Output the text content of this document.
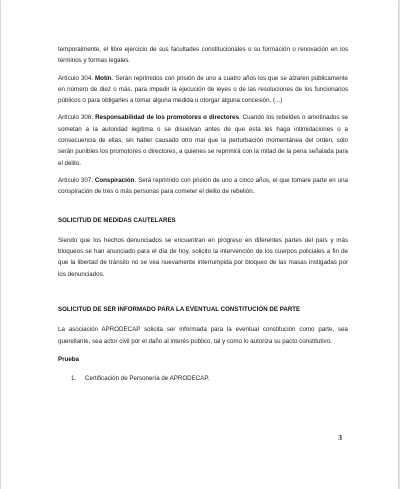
temporalmente, el libre ejercicio de sus facultades constitucionales o su formación o renovación en los términos y formas legales.

Artículo 304. Motín. Serán reprimidos con prisión de uno a cuatro años los que se alzaren públicamente en número de diez o más, para impedir la ejecución de leyes o de las resoluciones de los funcionarios públicos o para obligarles a tomar alguna medida u otorgar alguna concesión. (...)

Artículo 306. Responsabilidad de los promotores o directores. Cuando los rebeldes o amotinados se sometan a la autoridad legítima o se disuelvan antes de que ésta les haga intimidaciones o a consecuencia de ellas, sin haber causado otro mal que la perturbación momentánea del orden, sólo serán punibles los promotores o directores, a quienes se reprimirá con la mitad de la pena señalada para el delito.

Artículo 307. Conspiración. Será reprimido con prisión de uno a cinco años, el que tomare parte en una conspiración de tres o más personas para cometer el delito de rebelión.

SOLICITUD DE MEDIDAS CAUTELARES

Siendo que los hechos denunciados se encuentran en progreso en diferentes partes del país y más bloqueos se han anunciado para el día de hoy, solicito la intervención de los cuerpos policiales a fin de que la libertad de tránsito no se vea nuevamente interrumpida por bloqueo de las masas instigadas por los denunciados.

SOLICITUD DE SER INFORMADO PARA LA EVENTUAL CONSTITUCIÓN DE PARTE

La asociación APRODECAP solicita ser informada para la eventual constitución como parte, sea querellante, sea actor civil por el daño al interés público, tal y como lo autoriza su pacto constitutivo.

Prueba

1. Certificación de Personería de APRODECAP.

3
